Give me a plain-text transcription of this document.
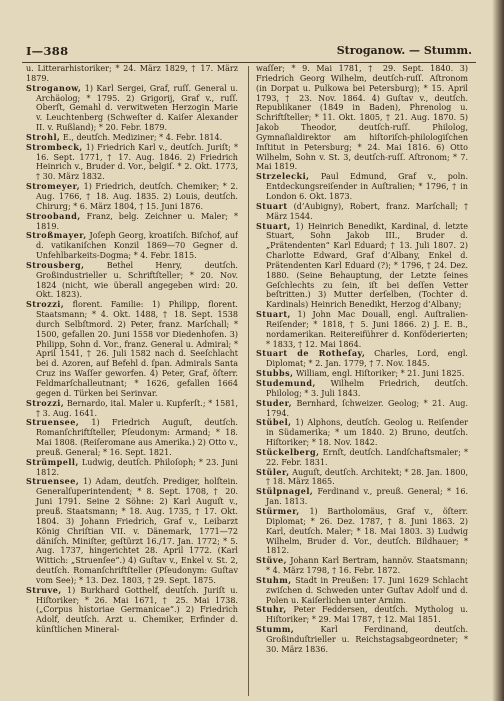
I—388	Stroganow. — Stumm.
u. Litterarhistoriker; * 24. März 1829, † 17. März 1879.
Stroganow, 1) Karl Sergei, Graf, ruſſ. General u. Archäolog; * 1795. 2) Grigorij, Graf v., ruſſ. Oberſt, Gemahl d. verwitweten Herzogin Marie v. Leuchtenberg (Schweſter d. Kaiſer Alexander II. v. Rußland); * 20. Febr. 1879.
Strohl, E., deutſch. Mediziner; * 4. Febr. 1814.
Strombeck, 1) Friedrich Karl v., deutſch. Juriſt; * 16. Sept. 1771, † 17. Aug. 1846. 2) Friedrich Heinrich v., Bruder d. Vor., belgiſ. * 2. Okt. 1773, † 30. März 1832.
Stromeyer, 1) Friedrich, deutſch. Chemiker; * 2. Aug. 1766, † 18. Aug. 1835. 2) Louis, deutſch. Chirurg; * 6. März 1804, † 15. Juni 1876.
Strooband, Franz, belg. Zeichner u. Maler; * 1819.
Stroßmayer, Joſeph Georg, kroatiſch. Biſchof, auf d. vatikaniſchen Konzil 1869—70 Gegner d. Unfehlbarkeits-Dogma; * 4. Febr. 1815.
Strousberg,	Bethel Henry, deutſch. Großindustrieller u. Schriftſteller; * 20. Nov. 1824 (nicht, wie überall angegeben wird: 20. Okt. 1823).
Strozzi, florent. Familie: 1) Philipp, florent. Staatsmann; * 4. Okt. 1488, † 18. Sept. 1538 durch Selbſtmord. 2) Peter, franz. Marſchall; * 1500, gefallen 20. Juni 1558 vor Diedenhofen. 3) Philipp, Sohn d. Vor., franz. General u. Admiral; * April 1541, † 26. Juli 1582 nach d. Seeſchlacht bei d. Azoren, auf Befehl d. ſpan. Admirals Santa Cruz ins Waſſer geworfen. 4) Peter, Graf, öſterr. Feldmarſchalleutnant; * 1626, gefallen 1664 gegen d. Türken bei Serinvar.
Strozzi, Bernardo, ital. Maler u. Kupferſt.; * 1581, † 3. Aug. 1641.
Struensee, 1) Friedrich Auguſt, deutſch. Romanſchriftſteller, Pſeudonym: Armand; * 18. Mai 1808. (Reiſeromane aus Amerika.) 2) Otto v., preuß. General; * 16. Sept. 1821.
Strümpell, Ludwig, deutſch. Philoſoph; * 23. Juni 1812.
Struensee, 1) Adam, deutſch. Prediger, holſtein. Generalſuperintendent; * 8. Sept. 1708, † 20. Juni 1791. Seine 2 Söhne: 2) Karl Auguſt v., preuß. Staatsmann; * 18. Aug. 1735, † 17. Okt. 1804. 3) Johann Friedrich, Graf v., Leibarzt König Chriſtian VII. v. Dänemark, 1771—72 däniſch. Miniſter, geſtürzt 16./17. Jan. 1772; * 5. Aug. 1737, hingerichtet 28. April 1772. (Karl Wittich: „Struenſee“.) 4) Guſtav v., Enkel v. St. 2, deutſch. Romanſchriftſteller (Pſeudonym: Guſtav vom See); * 13. Dez. 1803, † 29. Sept. 1875.
Struve, 1) Burkhard Gotthelf, deutſch. Juriſt u. Hiſtoriker; * 26. Mai 1671, † 25. Mai 1738. („Corpus historiae Germanicae“.) 2) Friedrich Adolf, deutſch. Arzt u. Chemiker, Erfinder d. künſtlichen Mineral-
waſſer; * 9. Mai 1781, † 29. Sept. 1840. 3) Friedrich Georg Wilhelm, deutſch-ruſſ. Aſtronom (in Dorpat u. Pulkowa bei Petersburg); * 15. April 1793, † 23. Nov. 1864. 4) Guſtav v., deutſch. Republikaner (1849 in Baden), Phrenolog u. Schriftſteller; * 11. Okt. 1805, † 21. Aug. 1870. 5) Jakob Theodor, deutſch-ruſſ. Philolog, Gymnaſialdirektor am hiſtoriſch-philologiſchen Inſtitut in Petersburg; * 24. Mai 1816. 6) Otto Wilhelm, Sohn v. St. 3, deutſch-ruſſ. Aſtronom; * 7. Mai 1819.
Strzelecki, Paul Edmund, Graf v., poln. Entdeckungsreiſender in Auſtralien; * 1796, † in London 6. Okt. 1873.
Stuart (d’Aubigny), Robert, franz. Marſchall; † März 1544.
Stuart, 1) Heinrich Benedikt, Kardinal, d. letzte Stuart, Sohn Jakob III., Bruder d. „Prätendenten“ Karl Eduard; † 13. Juli 1807. 2) Charlotte Edward, Graf d’Albany, Enkel d. Prätendenten Karl Eduard (?); * 1796, † 24. Dez. 1880. (Seine Behauptung, der Letzte ſeines Geſchlechts zu ſein, iſt bei deſſen Vetter beſtritten.) 3) Mutter derſelben, (Tochter d. Kardinals) Heinrich Benedikt, Herzog d’Albany;
Stuart, 1) John Mac Douall, engl. Auſtralien-Reiſender; * 1818, † 5. Juni 1866. 2) J. E. B., nordamerikan. Reitereiführer d. Konföderierten; * 1833, † 12. Mai 1864.
Stuart de Rotheſay, Charles, Lord, engl. Diplomat; * 2. Jan. 1779, † 7. Nov. 1845.
Stubbs, William, engl. Hiſtoriker; * 21. Juni 1825.
Studemund, Wilhelm Friedrich, deutſch. Philolog; * 3. Juli 1843.
Studer, Bernhard, ſchweizer. Geolog; * 21. Aug. 1794.
Stübel, 1) Alphons, deutſch. Geolog u. Reiſender in Südamerika; * um 1840. 2) Bruno, deutſch. Hiſtoriker; * 18. Nov. 1842.
Stückelberg, Ernſt, deutſch. Landſchaftsmaler; * 22. Febr. 1831.
Stüler, Auguſt, deutſch. Architekt; * 28. Jan. 1800, † 18. März 1865.
Stülpnagel, Ferdinand v., preuß. General; * 16. Jan. 1813.
Stürmer, 1) Bartholomäus, Graf v., öſterr. Diplomat; * 26. Dez. 1787, † 8. Juni 1863. 2) Karl, deutſch. Maler; * 18. Mai 1803. 3) Ludwig Wilhelm, Bruder d. Vor., deutſch. Bildhauer; * 1812.
Stüve, Johann Karl Bertram, hannöv. Staatsmann; * 4. März 1798, † 16. Febr. 1872.
Stuhm, Stadt in Preußen: 17. Juni 1629 Schlacht zwiſchen d. Schweden unter Guſtav Adolf und d. Polen u. Kaiſerlichen unter Arnim.
Stuhr, Peter Feddersen, deutſch. Mytholog u. Hiſtoriker; * 29. Mai 1787, † 12. Mai 1851.
Stumm,	Karl Ferdinand, deutſch. Großinduſtrieller u. Reichstagsabgeordneter; * 30. März 1836.
